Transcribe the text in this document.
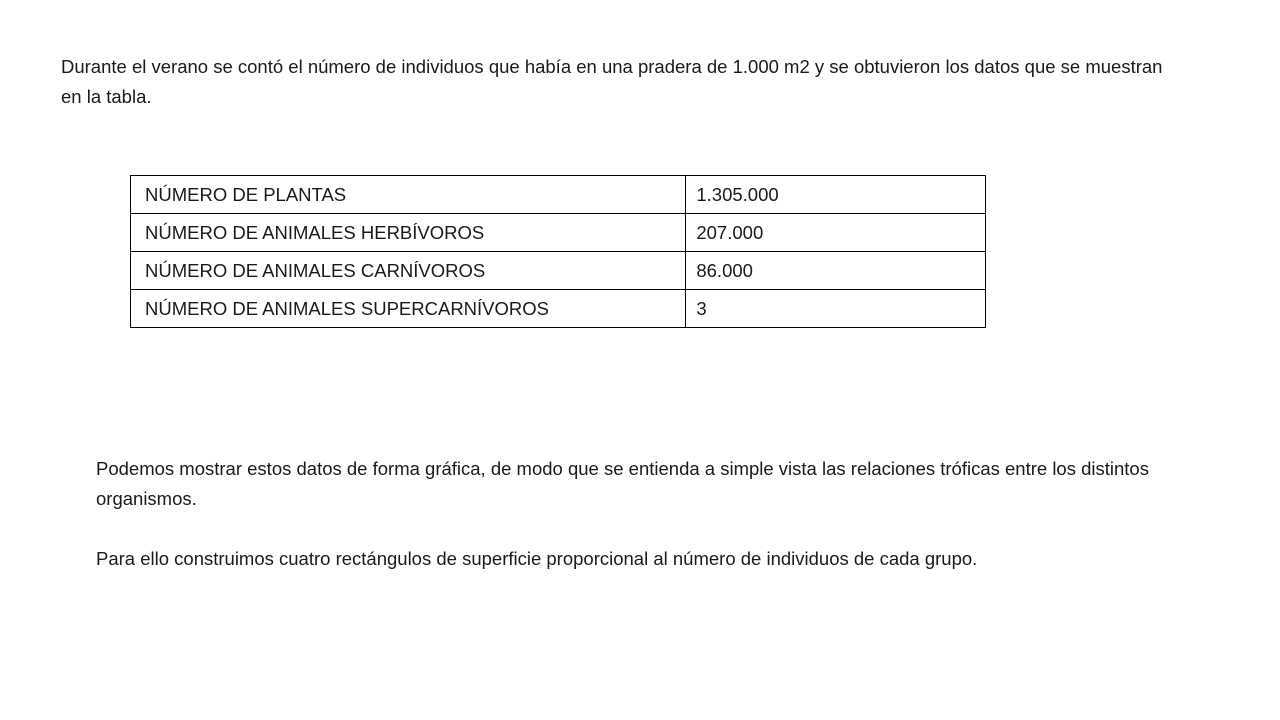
Durante el verano se contó el número de individuos que había en una pradera de 1.000 m2 y se obtuvieron los datos que se muestran en la tabla.

NÚMERO DE PLANTAS	1.305.000
NÚMERO DE ANIMALES HERBÍVOROS	207.000
NÚMERO DE ANIMALES CARNÍVOROS	86.000
NÚMERO DE ANIMALES SUPERCARNÍVOROS	3

Podemos mostrar estos datos de forma gráfica, de modo que se entienda a simple vista las relaciones tróficas entre los distintos organismos.

Para ello construimos cuatro rectángulos de superficie proporcional al número de individuos de cada grupo.
